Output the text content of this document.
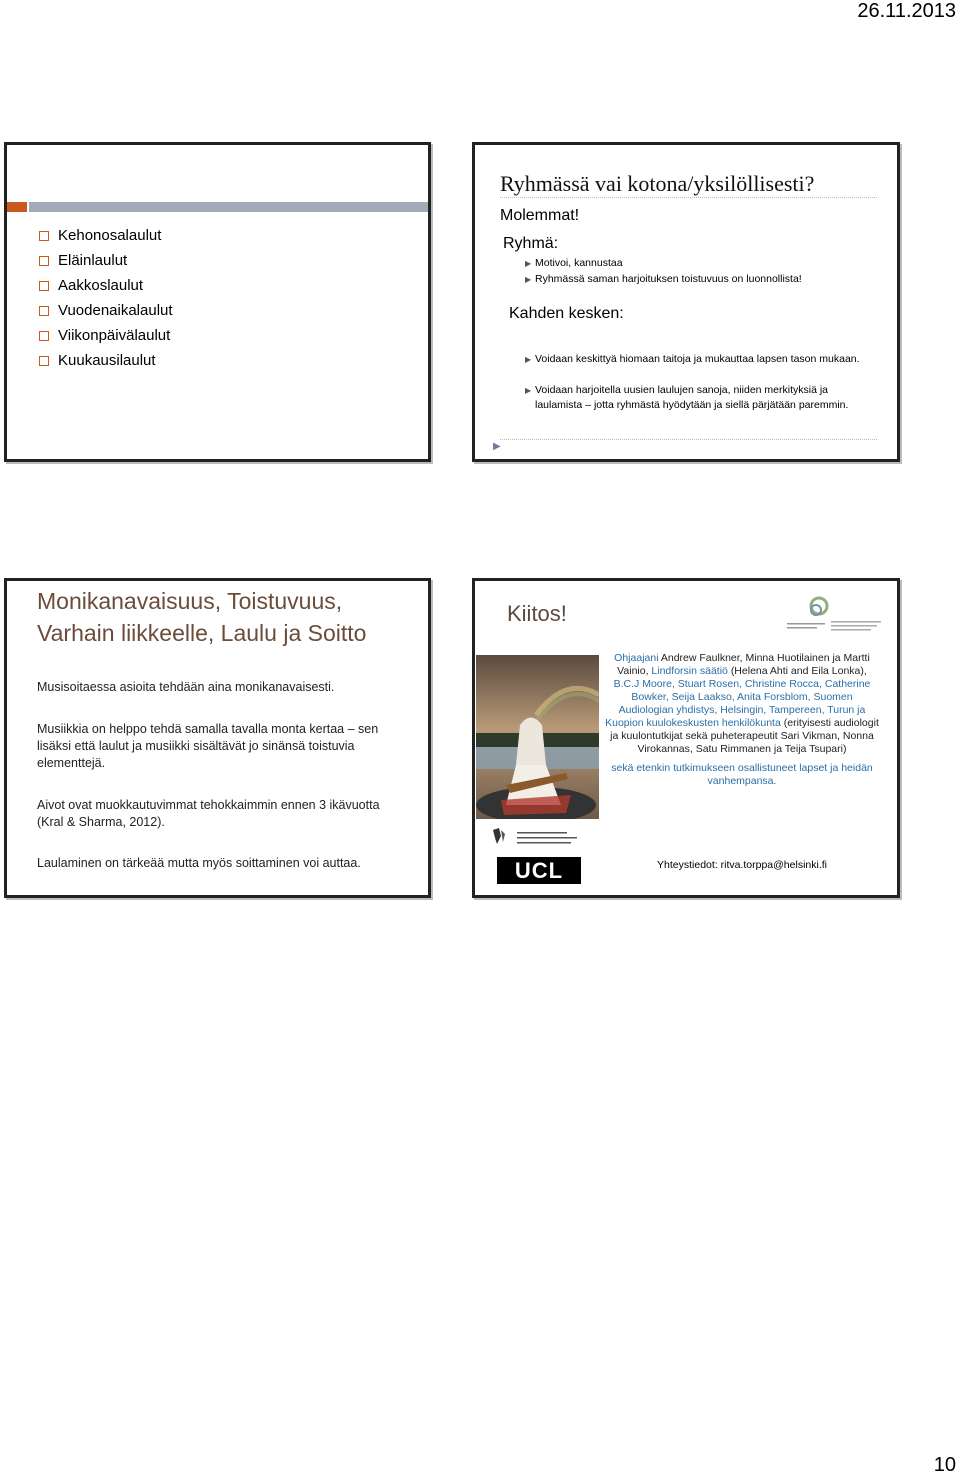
26.11.2013
Kehonosalaulut
Eläinlaulut
Aakkoslaulut
Vuodenaikalaulut
Viikonpäivälaulut
Kuukausilaulut
Ryhmässä vai kotona/yksilöllisesti?
Molemmat!
Ryhmä:
▶ Motivoi, kannustaa
▶ Ryhmässä saman harjoituksen toistuvuus on luonnollista!
Kahden kesken:
▶ Voidaan keskittyä hiomaan taitoja ja mukauttaa lapsen tason mukaan.
▶ Voidaan harjoitella uusien laulujen sanoja, niiden merkityksiä ja laulamista – jotta ryhmästä hyödytään ja siellä pärjätään paremmin.
▶
Monikanavaisuus, Toistuvuus,
Varhain liikkeelle, Laulu ja Soitto
Musisoitaessa asioita tehdään aina monikanavaisesti.
Musiikkia on helppo tehdä samalla tavalla monta kertaa – sen lisäksi että laulut ja musiikki sisältävät jo sinänsä toistuvia elementtejä.
Aivot ovat muokkautuvimmat tehokkaimmin ennen 3 ikävuotta (Kral & Sharma, 2012).
Laulaminen on tärkeää mutta myös soittaminen voi auttaa.
Kiitos!
UCL
Ohjaajani Andrew Faulkner, Minna Huotilainen ja Martti Vainio, Lindforsin säätiö (Helena Ahti and Eila Lonka), B.C.J Moore, Stuart Rosen, Christine Rocca, Catherine Bowker, Seija Laakso, Anita Forsblom, Suomen Audiologian yhdistys, Helsingin, Tampereen, Turun ja Kuopion kuulokeskusten henkilökunta (erityisesti audiologit ja kuulontutkijat sekä puheterapeutit Sari Vikman, Nonna Virokannas, Satu Rimmanen ja Teija Tsupari)
sekä etenkin tutkimukseen osallistuneet lapset ja heidän vanhempansa.
Yhteystiedot: ritva.torppa@helsinki.fi
10
